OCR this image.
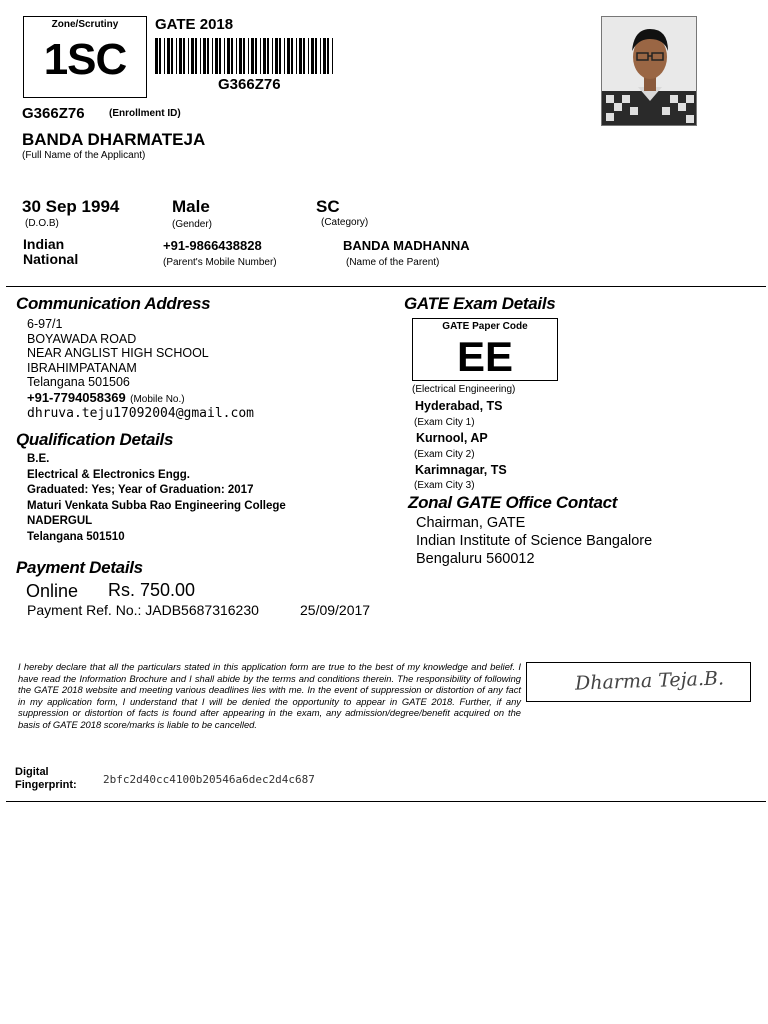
Zone/Scrutiny
1SC
GATE 2018
G366Z76
G366Z76 (Enrollment ID)
BANDA DHARMATEJA
(Full Name of the Applicant)
30 Sep 1994
(D.O.B)
Male
(Gender)
SC
(Category)
Indian
National
+91-9866438828
(Parent's Mobile Number)
BANDA MADHANNA
(Name of the Parent)
Communication Address
6-97/1
BOYAWADA ROAD
NEAR ANGLIST HIGH SCHOOL
IBRAHIMPATANAM
Telangana 501506
+91-7794058369 (Mobile No.)
dhruva.teju17092004@gmail.com
Qualification Details
B.E.
Electrical & Electronics Engg.
Graduated: Yes; Year of Graduation: 2017
Maturi Venkata Subba Rao Engineering College
NADERGUL
Telangana 501510
Payment Details
Online Rs. 750.00
Payment Ref. No.: JADB5687316230	25/09/2017
GATE Exam Details
GATE Paper Code
EE
(Electrical Engineering)
Hyderabad, TS
(Exam City 1)
Kurnool, AP
(Exam City 2)
Karimnagar, TS
(Exam City 3)
Zonal GATE Office Contact
Chairman, GATE
Indian Institute of Science Bangalore
Bengaluru 560012
I hereby declare that all the particulars stated in this application form are true to the best of my knowledge and belief. I have read the Information Brochure and I shall abide by the terms and conditions therein. The responsibility of following the GATE 2018 website and meeting various deadlines lies with me. In the event of suppression or distortion of any fact in my application form, I understand that I will be denied the opportunity to appear in GATE 2018. Further, if any suppression or distortion of facts is found after appearing in the exam, any admission/degree/benefit acquired on the basis of GATE 2018 score/marks is liable to be cancelled.
Dharma Teja.B.
Digital
Fingerprint: 2bfc2d40cc4100b20546a6dec2d4c687
